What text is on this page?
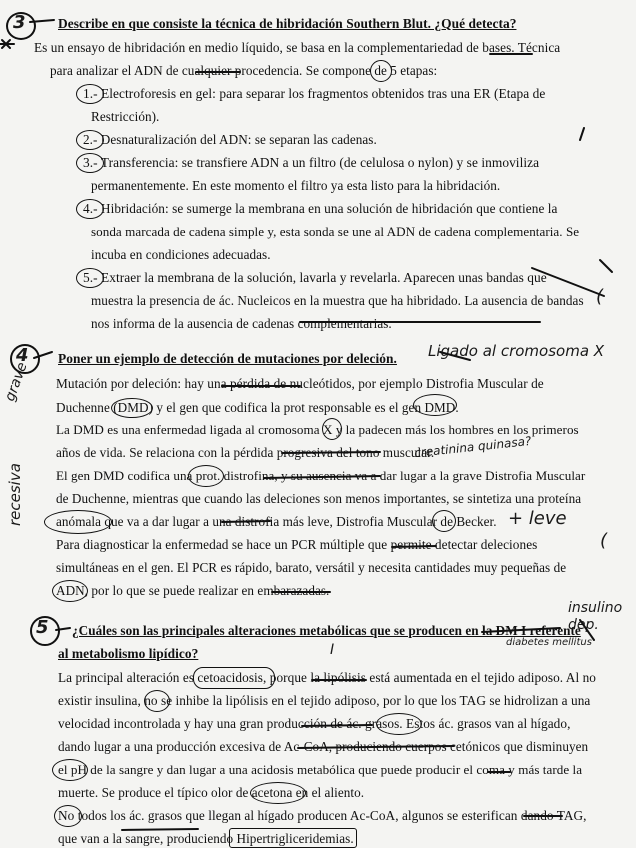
3 Describe en que consiste la técnica de hibridación Southern Blut. ¿Qué detecta?
Es un ensayo de hibridación en medio líquido, se basa en la complementariedad de bases. Técnica
para analizar el ADN de cualquier procedencia. Se compone de 5 etapas:
1.- Electroforesis en gel: para separar los fragmentos obtenidos tras una ER (Etapa de
Restricción).
2.- Desnaturalización del ADN: se separan las cadenas.
3.- Transferencia: se transfiere ADN a un filtro (de celulosa o nylon) y se inmoviliza
permanentemente. En este momento el filtro ya esta listo para la hibridación.
4.- Hibridación: se sumerge la membrana en una solución de hibridación que contiene la
sonda marcada de cadena simple y, esta sonda se une al ADN de cadena complementaria. Se
incuba en condiciones adecuadas.
5.- Extraer la membrana de la solución, lavarla y revelarla. Aparecen unas bandas que
muestra la presencia de ác. Nucleicos en la muestra que ha hibridado. La ausencia de bandas
nos informa de la ausencia de cadenas complementarias.
(
4 Poner un ejemplo de detección de mutaciones por deleción. Ligado al cromosoma X
grave
recesiva
Mutación por deleción: hay una pérdida de nucleótidos, por ejemplo Distrofia Muscular de
Duchenne (DMD) y el gen que codifica la prot responsable es el gen DMD.
La DMD es una enfermedad ligada al cromosoma X y la padecen más los hombres en los primeros
años de vida. Se relaciona con la pérdida progresiva del tono muscular.
creatinina quinasa?
El gen DMD codifica una prot. distrofina, y su ausencia va a dar lugar a la grave Distrofia Muscular
de Duchenne, mientras que cuando las deleciones son menos importantes, se sintetiza una proteína
anómala que va a dar lugar a una distrofia más leve, Distrofia Muscular de Becker. + leve
Para diagnosticar la enfermedad se hace un PCR múltiple que permite detectar deleciones	(
simultáneas en el gen. El PCR es rápido, barato, versátil y necesita cantidades muy pequeñas de
ADN, por lo que se puede realizar en embarazadas.
5 ¿Cuáles son las principales alteraciones metabólicas que se producen en la DM I referente
al metabolismo lipídico?
insulino dep.
diabetes mellitus
I
La principal alteración es cetoacidosis, porque la lipólisis está aumentada en el tejido adiposo. Al no
existir insulina, no se inhibe la lipólisis en el tejido adiposo, por lo que los TAG se hidrolizan a una
velocidad incontrolada y hay una gran producción de ác. grasos. Estos ác. grasos van al hígado,
dando lugar a una producción excesiva de Ac-CoA, produciendo cuerpos cetónicos que disminuyen
el pH de la sangre y dan lugar a una acidosis metabólica que puede producir el coma y más tarde la
muerte. Se produce el típico olor de acetona en el aliento.
No todos los ác. grasos que llegan al hígado producen Ac-CoA, algunos se esterifican dando TAG,
que van a la sangre, produciendo Hipertrigliceridemias.
